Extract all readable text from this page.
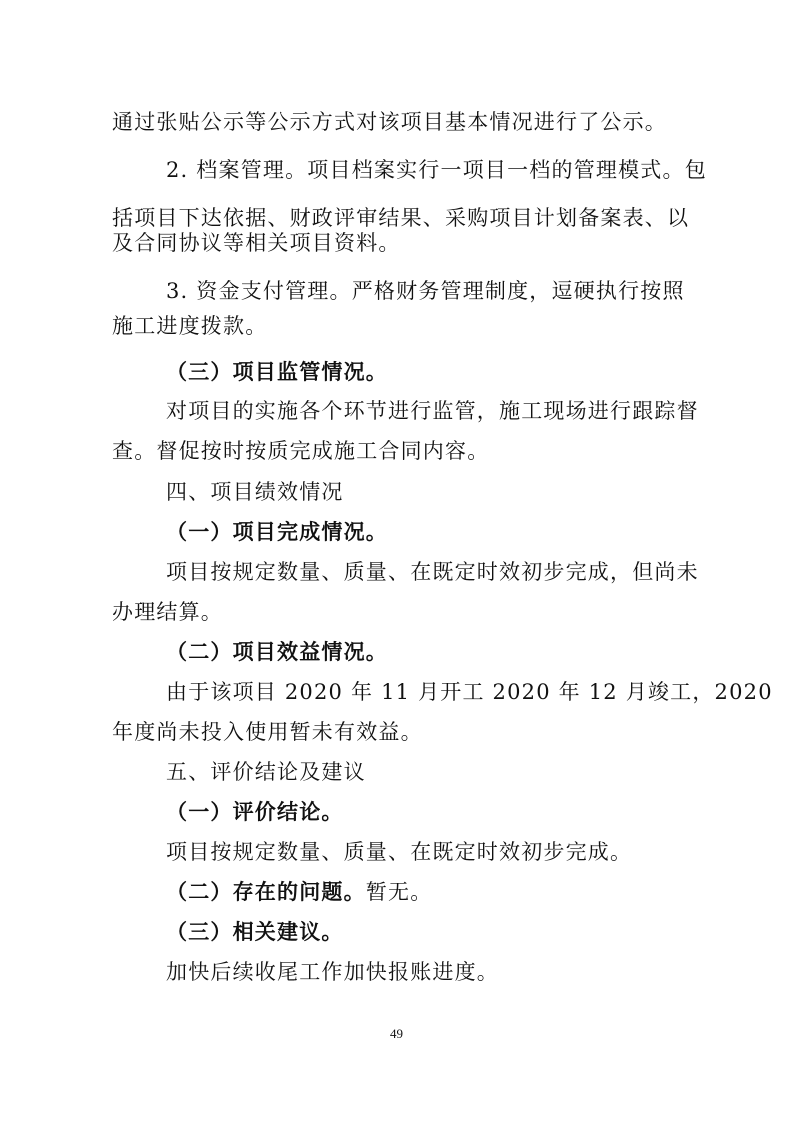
通过张贴公示等公示方式对该项目基本情况进行了公示。
2. 档案管理。项目档案实行一项目一档的管理模式。包
括项目下达依据、财政评审结果、采购项目计划备案表、以
及合同协议等相关项目资料。
3. 资金支付管理。严格财务管理制度，逗硬执行按照
施工进度拨款。
（三）项目监管情况。
对项目的实施各个环节进行监管，施工现场进行跟踪督
查。督促按时按质完成施工合同内容。
四、项目绩效情况
（一）项目完成情况。
项目按规定数量、质量、在既定时效初步完成，但尚未
办理结算。
（二）项目效益情况。
由于该项目 2020 年 11 月开工 2020 年 12 月竣工，2020
年度尚未投入使用暂未有效益。
五、评价结论及建议
（一）评价结论。
项目按规定数量、质量、在既定时效初步完成。
（二）存在的问题。暂无。
（三）相关建议。
加快后续收尾工作加快报账进度。
49
